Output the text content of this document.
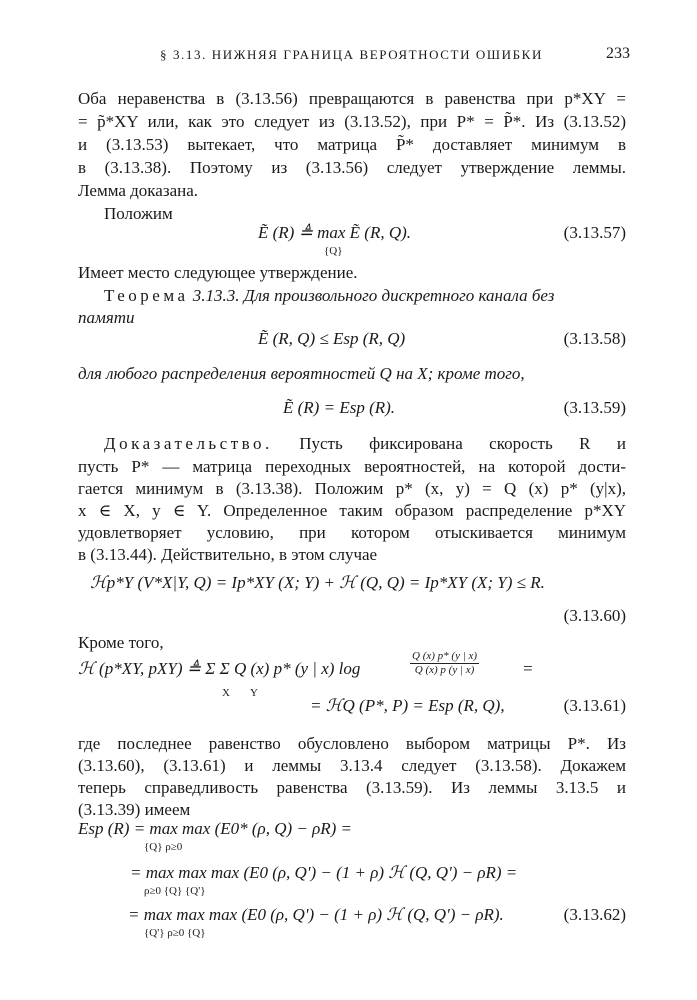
§ 3.13. НИЖНЯЯ ГРАНИЦА ВЕРОЯТНОСТИ ОШИБКИ	233
Оба неравенства в (3.13.56) превращаются в равенства при p*XY =
= p̃*XY или, как это следует из (3.13.52), при P* = P̃*. Из (3.13.52)
и (3.13.53) вытекает, что матрица P̃* доставляет минимум в
в (3.13.38). Поэтому из (3.13.56) следует утверждение леммы.
Лемма доказана.
Положим
Ẽ (R) ≜ max Ẽ (R, Q).
{Q}
(3.13.57)
Имеет место следующее утверждение.
Теорема 3.13.3. Для произвольного дискретного канала без
памяти
Ẽ (R, Q) ≤ Esp (R, Q)	(3.13.58)
для любого распределения вероятностей Q на X; кроме того,
Ẽ (R) = Esp (R).	(3.13.59)
Доказательство. Пусть фиксирована скорость R и
пусть P* — матрица переходных вероятностей, на которой дости-
гается минимум в (3.13.38). Положим p* (x, y) = Q (x) p* (y|x),
x ∈ X, y ∈ Y. Определенное таким образом распределение p*XY
удовлетворяет условию, при котором отыскивается минимум
в (3.13.44). Действительно, в этом случае
ℋp*Y (V*X|Y, Q) = Ip*XY (X; Y) + ℋ (Q, Q) = Ip*XY (X; Y) ≤ R.
(3.13.60)
Кроме того,
ℋ (p*XY, pXY) ≜ Σ Σ Q (x) p* (y | x) log
X Y
$\frac{Q (x) p* (y | x)}{Q (x) p (y | x)}$	=
= ℋQ (P*, P) = Esp (R, Q),	(3.13.61)
где последнее равенство обусловлено выбором матрицы P*. Из
(3.13.60), (3.13.61) и леммы 3.13.4 следует (3.13.58). Докажем
теперь справедливость равенства (3.13.59). Из леммы 3.13.5 и
(3.13.39) имеем
Esp (R) = max max (E0* (ρ, Q) − ρR) =
{Q} ρ≥0
= max max max (E0 (ρ, Q') − (1 + ρ) ℋ (Q, Q') − ρR) =
ρ≥0 {Q} {Q'}
= max max max (E0 (ρ, Q') − (1 + ρ) ℋ (Q, Q') − ρR).
{Q'} ρ≥0 {Q}
(3.13.62)
